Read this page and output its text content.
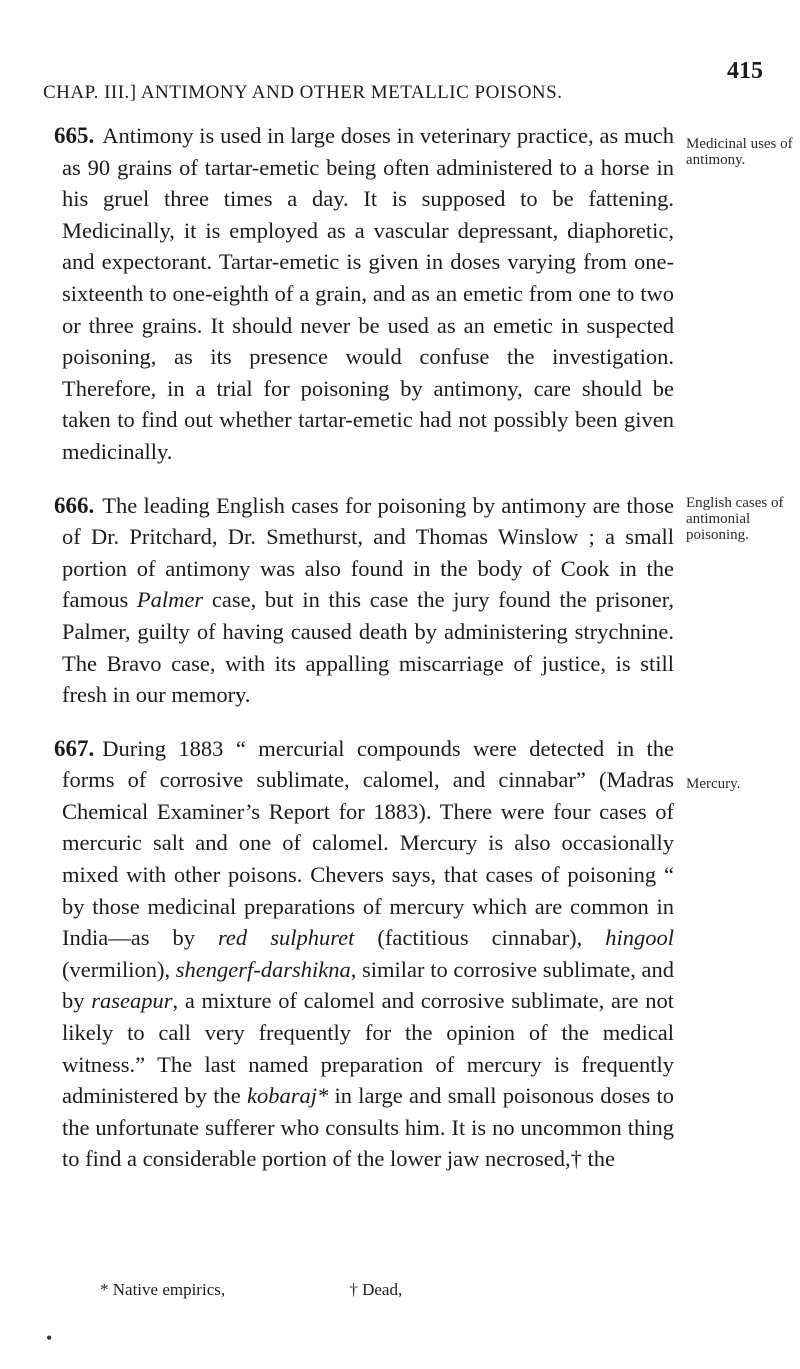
CHAP. III.] ANTIMONY AND OTHER METALLIC POISONS.
415

665. Antimony is used in large doses in veterinary practice, as much as 90 grains of tartar-emetic being often administered to a horse in his gruel three times a day. It is supposed to be fattening. Medicinally, it is employed as a vascular depressant, diaphoretic, and expectorant. Tartar-emetic is given in doses varying from one-sixteenth to one-eighth of a grain, and as an emetic from one to two or three grains. It should never be used as an emetic in suspected poisoning, as its presence would confuse the investigation. Therefore, in a trial for poisoning by antimony, care should be taken to find out whether tartar-emetic had not possibly been given medicinally.

666. The leading English cases for poisoning by antimony are those of Dr. Pritchard, Dr. Smethurst, and Thomas Winslow ; a small portion of antimony was also found in the body of Cook in the famous Palmer case, but in this case the jury found the prisoner, Palmer, guilty of having caused death by administering strychnine. The Bravo case, with its appalling miscarriage of justice, is still fresh in our memory.

667. During 1883 “ mercurial compounds were detected in the forms of corrosive sublimate, calomel, and cinnabar” (Madras Chemical Examiner’s Report for 1883). There were four cases of mercuric salt and one of calomel. Mercury is also occasionally mixed with other poisons. Chevers says, that cases of poisoning “ by those medicinal preparations of mercury which are common in India—as by red sulphuret (factitious cinnabar), hingool (vermilion), shengerf-darshikna, similar to corrosive sublimate, and by raseapur, a mixture of calomel and corrosive sublimate, are not likely to call very frequently for the opinion of the medical witness.” The last named preparation of mercury is frequently administered by the kobaraj* in large and small poisonous doses to the unfortunate sufferer who consults him. It is no uncommon thing to find a considerable portion of the lower jaw necrosed,† the

Medicinal uses of antimony.
English cases of antimonial poisoning.
Mercury.
* Native empirics,	† Dead,
•
